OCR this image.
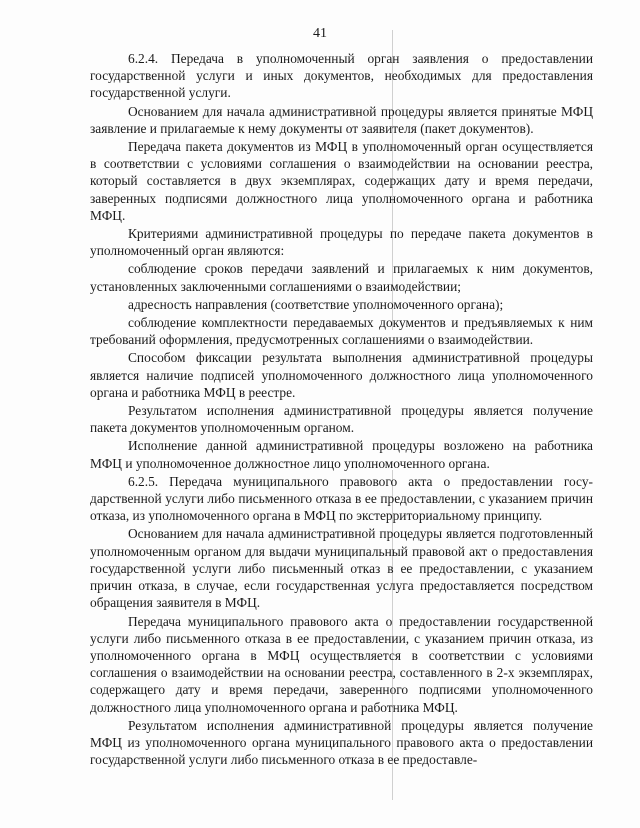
41

6.2.4. Передача в уполномоченный орган заявления о предоставлении государственной услуги и иных документов, необходимых для предоставления государственной услуги.

Основанием для начала административной процедуры является принятые МФЦ заявление и прилагаемые к нему документы от заявителя (пакет документов).

Передача пакета документов из МФЦ в уполномоченный орган осуществляется в соответствии с условиями соглашения о взаимодействии на основании реестра, который составляется в двух экземплярах, содержащих дату и время передачи, заверенных подписями должностного лица уполномоченного органа и работника МФЦ.

Критериями административной процедуры по передаче пакета документов в уполномоченный орган являются:

соблюдение сроков передачи заявлений и прилагаемых к ним документов, установленных заключенными соглашениями о взаимодействии;

адресность направления (соответствие уполномоченного органа);

соблюдение комплектности передаваемых документов и предъявляемых к ним требований оформления, предусмотренных соглашениями о взаимодействии.

Способом фиксации результата выполнения административной процедуры является наличие подписей уполномоченного должностного лица уполномоченного органа и работника МФЦ в реестре.

Результатом исполнения административной процедуры является получение пакета документов уполномоченным органом.

Исполнение данной административной процедуры возложено на работника МФЦ и уполномоченное должностное лицо уполномоченного органа.

6.2.5. Передача муниципального правового акта о предоставлении государственной услуги либо письменного отказа в ее предоставлении, с указанием причин отказа, из уполномоченного органа в МФЦ по экстерриториальному принципу.

Основанием для начала административной процедуры является подготовленный уполномоченным органом для выдачи муниципальный правовой акт о предоставления государственной услуги либо письменный отказ в ее предоставлении, с указанием причин отказа, в случае, если государственная услуга предоставляется посредством обращения заявителя в МФЦ.

Передача муниципального правового акта о предоставлении государственной услуги либо письменного отказа в ее предоставлении, с указанием причин отказа, из уполномоченного органа в МФЦ осуществляется в соответствии с условиями соглашения о взаимодействии на основании реестра, составленного в 2-х экземплярах, содержащего дату и время передачи, заверенного подписями уполномоченного должностного лица уполномоченного органа и работника МФЦ.

Результатом исполнения административной процедуры является получение МФЦ из уполномоченного органа муниципального правового акта о предоставлении государственной услуги либо письменного отказа в ее предоставле-
